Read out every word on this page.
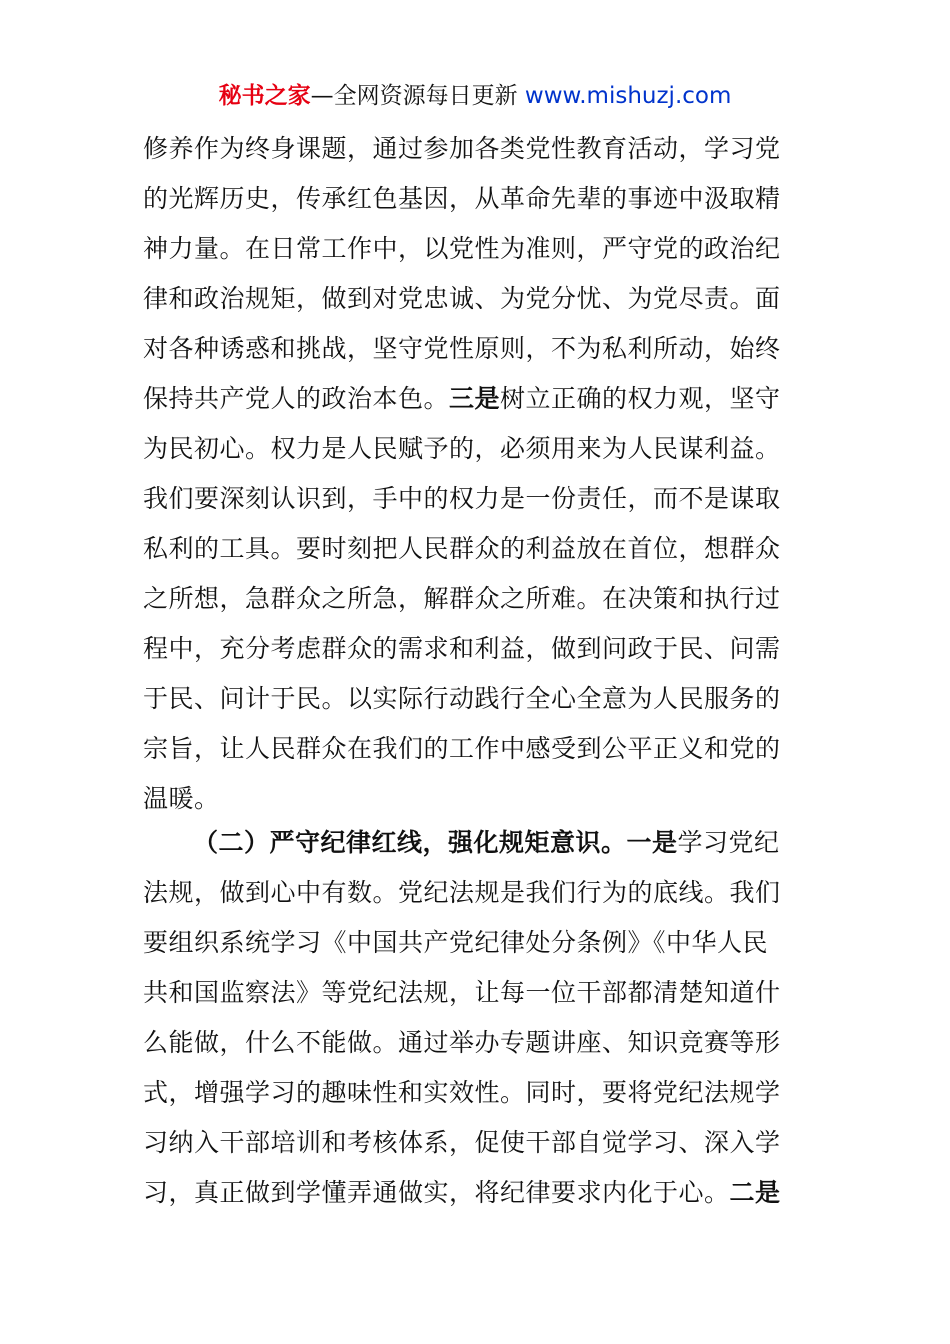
秘书之家—全网资源每日更新 www.mishuzj.com
修养作为终身课题，通过参加各类党性教育活动，学习党
的光辉历史，传承红色基因，从革命先辈的事迹中汲取精
神力量。在日常工作中，以党性为准则，严守党的政治纪
律和政治规矩，做到对党忠诚、为党分忧、为党尽责。面
对各种诱惑和挑战，坚守党性原则，不为私利所动，始终
保持共产党人的政治本色。三是树立正确的权力观，坚守
为民初心。权力是人民赋予的，必须用来为人民谋利益。
我们要深刻认识到，手中的权力是一份责任，而不是谋取
私利的工具。要时刻把人民群众的利益放在首位，想群众
之所想，急群众之所急，解群众之所难。在决策和执行过
程中，充分考虑群众的需求和利益，做到问政于民、问需
于民、问计于民。以实际行动践行全心全意为人民服务的
宗旨，让人民群众在我们的工作中感受到公平正义和党的
温暖。
（二）严守纪律红线，强化规矩意识。一是学习党纪
法规，做到心中有数。党纪法规是我们行为的底线。我们
要组织系统学习《中国共产党纪律处分条例》《中华人民
共和国监察法》等党纪法规，让每一位干部都清楚知道什
么能做，什么不能做。通过举办专题讲座、知识竞赛等形
式，增强学习的趣味性和实效性。同时，要将党纪法规学
习纳入干部培训和考核体系，促使干部自觉学习、深入学
习，真正做到学懂弄通做实，将纪律要求内化于心。二是
